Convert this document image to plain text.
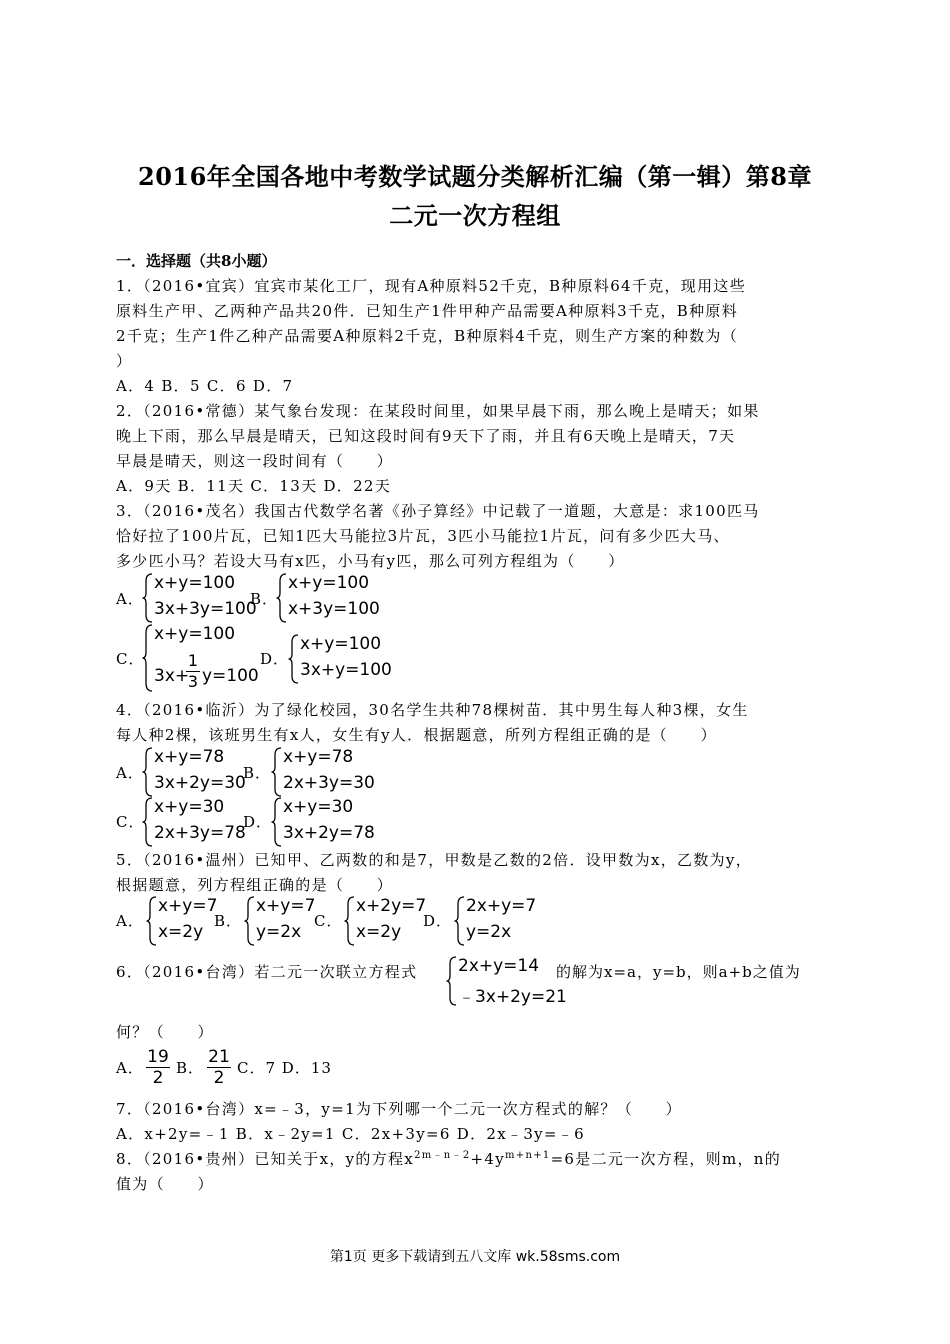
2016年全国各地中考数学试题分类解析汇编（第一辑）第8章
二元一次方程组
一．选择题（共8小题）
1．（2016•宜宾）宜宾市某化工厂，现有A种原料52千克，B种原料64千克，现用这些
原料生产甲、乙两种产品共20件．已知生产1件甲种产品需要A种原料3千克，B种原料
2千克；生产1件乙种产品需要A种原料2千克，B种原料4千克，则生产方案的种数为（
）
A．4 B．5 C．6 D．7
2．（2016•常德）某气象台发现：在某段时间里，如果早晨下雨，那么晚上是晴天；如果
晚上下雨，那么早晨是晴天，已知这段时间有9天下了雨，并且有6天晚上是晴天，7天
早晨是晴天，则这一段时间有（　　）
A．9天 B．11天 C．13天 D．22天
3．（2016•茂名）我国古代数学名著《孙子算经》中记载了一道题，大意是：求100匹马
恰好拉了100片瓦，已知1匹大马能拉3片瓦，3匹小马能拉1片瓦，问有多少匹大马、
多少匹小马？若设大马有x匹，小马有y匹，那么可列方程组为（　　）
A．
x+y=100
3x+3y=100
B．
x+y=100
x+3y=100
C．
x+y=100
3x+
1
3 y=100
D．
x+y=100
3x+y=100
4．（2016•临沂）为了绿化校园，30名学生共种78棵树苗．其中男生每人种3棵，女生
每人种2棵，该班男生有x人，女生有y人．根据题意，所列方程组正确的是（　　）
A．
x+y=78
3x+2y=30
B．
x+y=78
2x+3y=30
C．
x+y=30
2x+3y=78
D．
x+y=30
3x+2y=78
5．（2016•温州）已知甲、乙两数的和是7，甲数是乙数的2倍．设甲数为x，乙数为y，
根据题意，列方程组正确的是（　　）
A．
x+y=7
x=2y
B．
x+y=7
y=2x
C．
x+2y=7
x=2y
D．
2x+y=7
y=2x
6．（2016•台湾）若二元一次联立方程式 2x+y=14
﹣3x+2y=21
的解为x=a，y=b，则a+b之值为
何？（　　）
A．
19
2 B．
21
2 C．7 D．13
7．（2016•台湾）x=﹣3，y=1为下列哪一个二元一次方程式的解？（　　）
A．x+2y=﹣1 B．x﹣2y=1 C．2x+3y=6 D．2x﹣3y=﹣6
8．（2016•贵州）已知关于x，y的方程$x^{2m﹣n﹣2}+4y^{m+n+1}=6$是二元一次方程，则m，n的
值为（　　）
第1页 更多下载请到五八文库 wk.58sms.com
